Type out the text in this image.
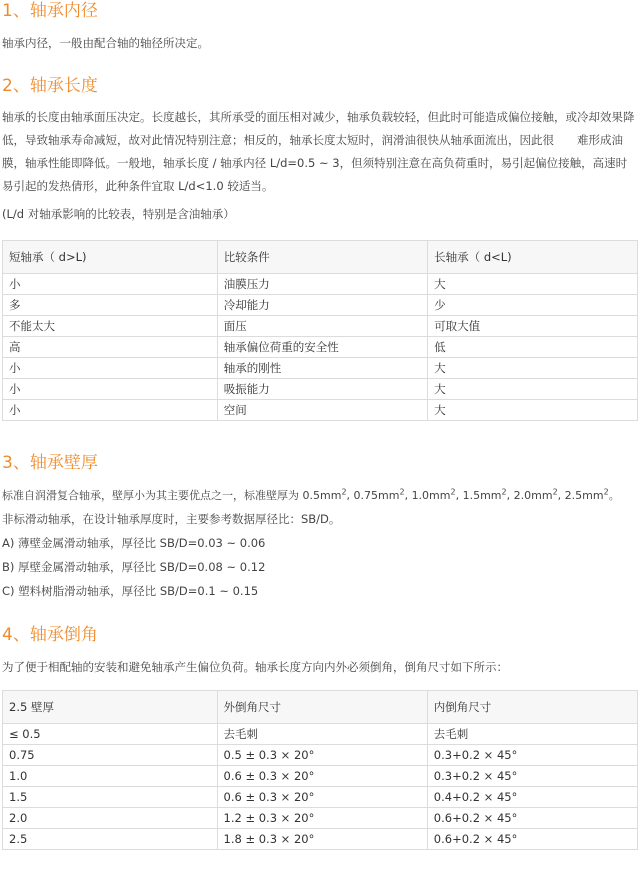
1、轴承内径

轴承内径，一般由配合轴的轴径所决定。

2、轴承长度

轴承的长度由轴承面压决定。长度越长，其所承受的面压相对减少，轴承负载较轻，但此时可能造成偏位接触，或冷却效果降低，导致轴承寿命减短，故对此情况特别注意；相反的，轴承长度太短时，润滑油很快从轴承面流出，因此很　　难形成油膜，轴承性能即降低。一般地，轴承长度 / 轴承内径 L/d=0.5 ~ 3，但须特别注意在高负荷重时，易引起偏位接触，高速时易引起的发热倩形，此种条件宜取 L/d<1.0 较适当。

(L/d 对轴承影响的比较表，特别是含油轴承）

短轴承（ d>L)	比较条件	长轴承（ d<L)
小	油膜压力	大
多	冷却能力	少
不能太大	面压	可取大值
高	轴承偏位荷重的安全性	低
小	轴承的刚性	大
小	吸振能力	大
小	空间	大
3、轴承壁厚

标准自润滑复合轴承，壁厚小为其主要优点之一，标准壁厚为 $0.5mm^2$, $0.75mm^2$, $1.0mm^2$, $1.5mm^2$, $2.0mm^2$, $2.5mm^2$。

非标滑动轴承，在设计轴承厚度时，主要参考数据厚径比：SB/D。

A) 薄壁金属滑动轴承，厚径比 SB/D=0.03 ~ 0.06

B) 厚壁金属滑动轴承，厚径比 SB/D=0.08 ~ 0.12

C) 塑料树脂滑动轴承，厚径比 SB/D=0.1 ~ 0.15

4、轴承倒角

为了便于相配轴的安装和避免轴承产生偏位负荷。轴承长度方向内外必须倒角，倒角尺寸如下所示：

2.5 壁厚	外倒角尺寸	内倒角尺寸
≤ 0.5	去毛刺	去毛刺
0.75	0.5 ± 0.3 × 20°	0.3+0.2 × 45°
1.0	0.6 ± 0.3 × 20°	0.3+0.2 × 45°
1.5	0.6 ± 0.3 × 20°	0.4+0.2 × 45°
2.0	1.2 ± 0.3 × 20°	0.6+0.2 × 45°
2.5	1.8 ± 0.3 × 20°	0.6+0.2 × 45°
